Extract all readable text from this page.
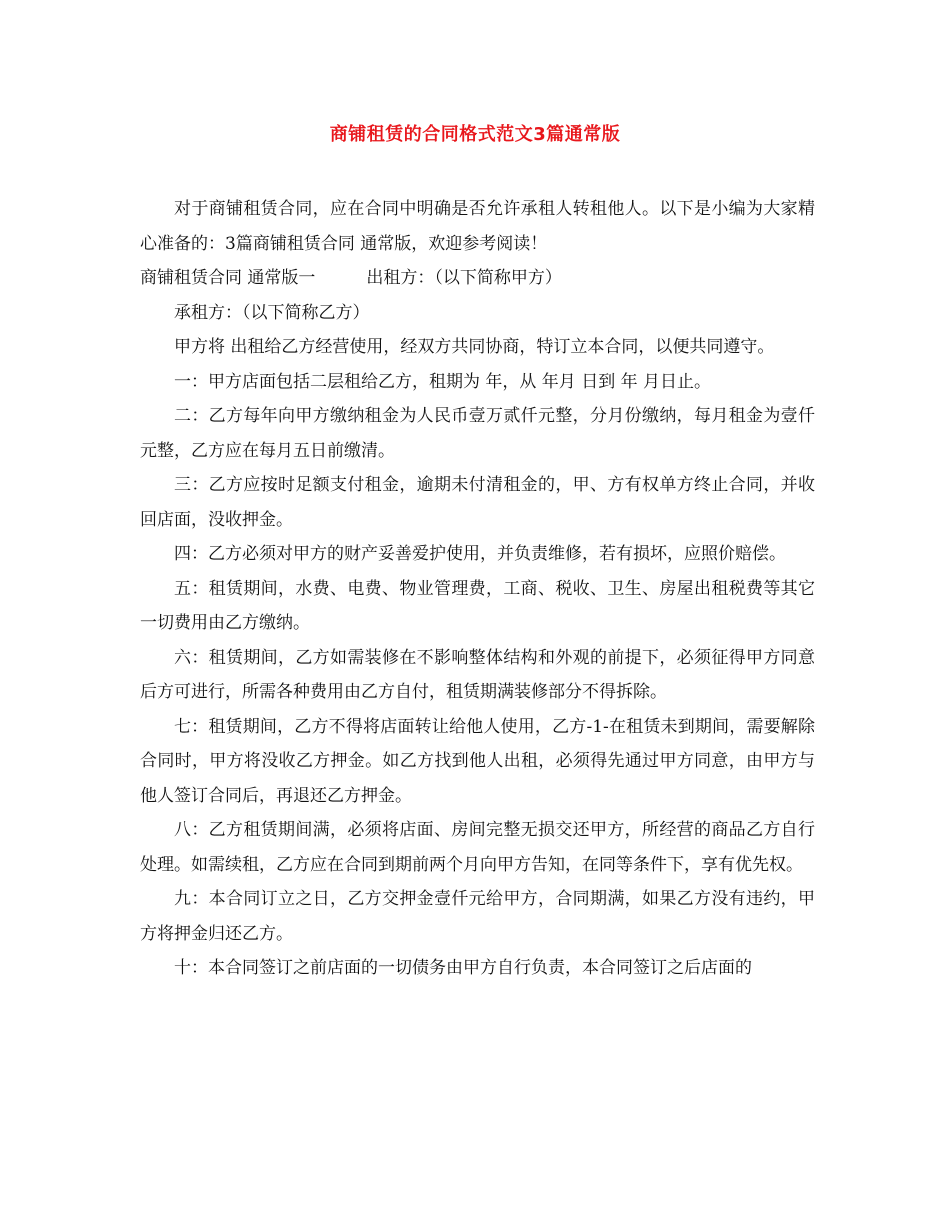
商铺租赁的合同格式范文3篇通常版

对于商铺租赁合同，应在合同中明确是否允许承租人转租他人。以下是小编为大家精心准备的：3篇商铺租赁合同 通常版，欢迎参考阅读！

商铺租赁合同 通常版一　　　出租方：（以下简称甲方）

承租方：（以下简称乙方）

甲方将 出租给乙方经营使用，经双方共同协商，特订立本合同，以便共同遵守。

一：甲方店面包括二层租给乙方，租期为 年，从 年月 日到 年 月日止。

二：乙方每年向甲方缴纳租金为人民币壹万贰仟元整，分月份缴纳，每月租金为壹仟元整，乙方应在每月五日前缴清。

三：乙方应按时足额支付租金，逾期未付清租金的，甲、方有权单方终止合同，并收回店面，没收押金。

四：乙方必须对甲方的财产妥善爱护使用，并负责维修，若有损坏，应照价赔偿。

五：租赁期间，水费、电费、物业管理费，工商、税收、卫生、房屋出租税费等其它一切费用由乙方缴纳。

六：租赁期间，乙方如需装修在不影响整体结构和外观的前提下，必须征得甲方同意后方可进行，所需各种费用由乙方自付，租赁期满装修部分不得拆除。

七：租赁期间，乙方不得将店面转让给他人使用，乙方-1-在租赁未到期间，需要解除合同时，甲方将没收乙方押金。如乙方找到他人出租，必须得先通过甲方同意，由甲方与他人签订合同后，再退还乙方押金。

八：乙方租赁期间满，必须将店面、房间完整无损交还甲方，所经营的商品乙方自行处理。如需续租，乙方应在合同到期前两个月向甲方告知，在同等条件下，享有优先权。

九：本合同订立之日，乙方交押金壹仟元给甲方，合同期满，如果乙方没有违约，甲方将押金归还乙方。

十：本合同签订之前店面的一切债务由甲方自行负责，本合同签订之后店面的
